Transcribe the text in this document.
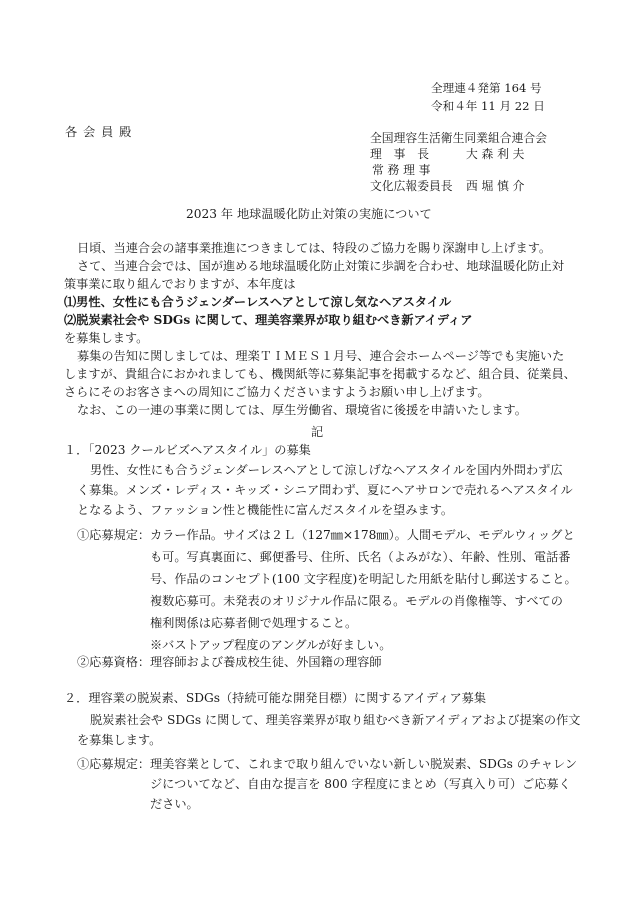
全理連４発第 164 号

令和４年 11 月 22 日

各 会 員 殿	全国理容生活衛生同業組合連合会

理　事　長	大 森 利 夫

常 務 理 事

文化広報委員長 西 堀 慎 介

2023 年 地球温暖化防止対策の実施について

日頃、当連合会の諸事業推進につきましては、特段のご協力を賜り深謝申し上げます。

さて、当連合会では、国が進める地球温暖化防止対策に歩調を合わせ、地球温暖化防止対

策事業に取り組んでおりますが、本年度は

⑴男性、女性にも合うジェンダーレスヘアとして涼し気なヘアスタイル

⑵脱炭素社会や SDGs に関して、理美容業界が取り組むべき新アイディア

を募集します。

募集の告知に関しましては、理楽ＴＩＭＥＳ１月号、連合会ホームページ等でも実施いた

しますが、貴組合におかれましても、機関紙等に募集記事を掲載するなど、組合員、従業員、

さらにそのお客さまへの周知にご協力くださいますようお願い申し上げます。

なお、この一連の事業に関しては、厚生労働省、環境省に後援を申請いたします。

記

１．「2023 クールビズヘアスタイル」の募集

男性、女性にも合うジェンダーレスヘアとして涼しげなヘアスタイルを国内外問わず広

く募集。メンズ・レディス・キッズ・シニア問わず、夏にヘアサロンで売れるヘアスタイル

となるよう、ファッション性と機能性に富んだスタイルを望みます。

①応募規定： カラー作品。サイズは２Ｌ（127㎜×178㎜）。人間モデル、モデルウィッグと

も可。写真裏面に、郵便番号、住所、氏名（よみがな）、年齢、性別、電話番

号、作品のコンセプト(100 文字程度)を明記した用紙を貼付し郵送すること。

複数応募可。未発表のオリジナル作品に限る。モデルの肖像権等、すべての

権利関係は応募者側で処理すること。

※バストアップ程度のアングルが好ましい。

②応募資格： 理容師および養成校生徒、外国籍の理容師

２．理容業の脱炭素、SDGs（持続可能な開発目標）に関するアイディア募集

脱炭素社会や SDGs に関して、理美容業界が取り組むべき新アイディアおよび提案の作文

を募集します。

①応募規定： 理美容業として、これまで取り組んでいない新しい脱炭素、SDGs のチャレン

ジについてなど、自由な提言を 800 字程度にまとめ（写真入り可）ご応募く

ださい。
